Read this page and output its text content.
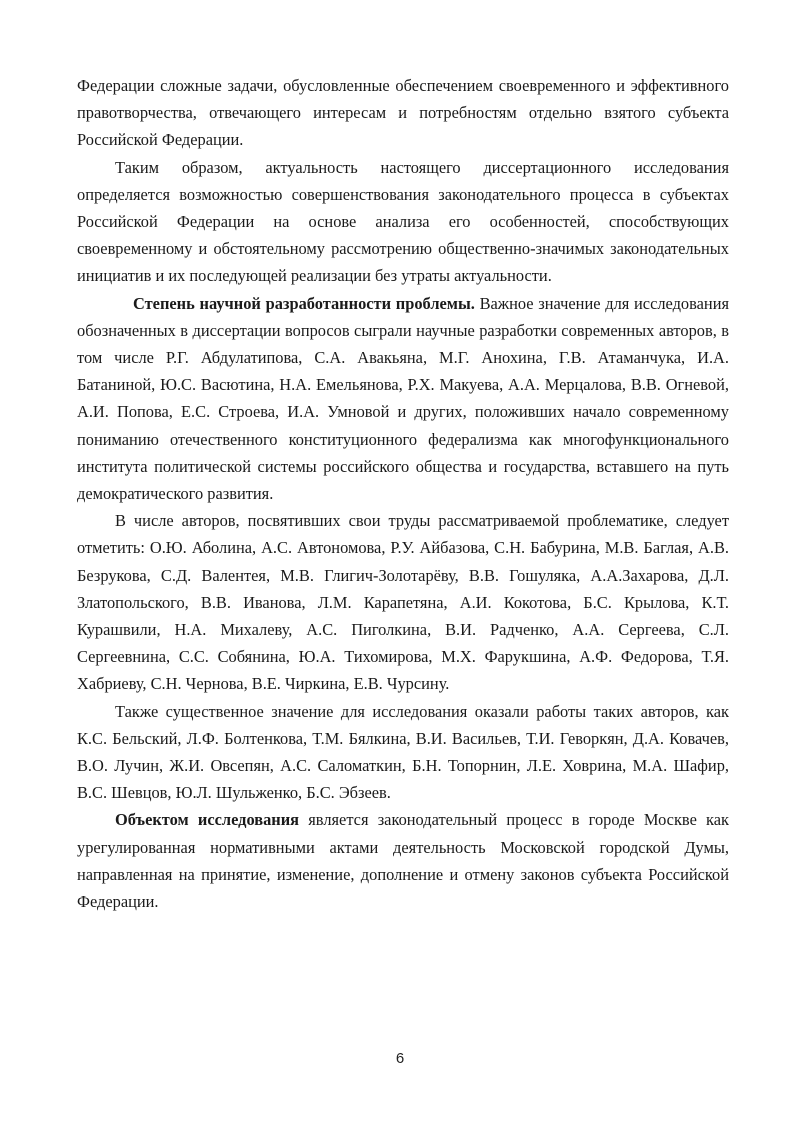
Федерации сложные задачи, обусловленные обеспечением своевременного и эффективного правотворчества, отвечающего интересам и потребностям отдельно взятого субъекта Российской Федерации.

Таким образом, актуальность настоящего диссертационного исследования определяется возможностью совершенствования законодательного процесса в субъектах Российской Федерации на основе анализа его особенностей, способствующих своевременному и обстоятельному рассмотрению общественно-значимых законодательных инициатив и их последующей реализации без утраты актуальности.

Степень научной разработанности проблемы. Важное значение для исследования обозначенных в диссертации вопросов сыграли научные разработки современных авторов, в том числе Р.Г. Абдулатипова, С.А. Авакьяна, М.Г. Анохина, Г.В. Атаманчука, И.А. Батаниной, Ю.С. Васютина, Н.А. Емельянова, Р.Х. Макуева, А.А. Мерцалова, В.В. Огневой, А.И. Попова, Е.С. Строева, И.А. Умновой и других, положивших начало современному пониманию отечественного конституционного федерализма как многофункционального института политической системы российского общества и государства, вставшего на путь демократического развития.

В числе авторов, посвятивших свои труды рассматриваемой проблематике, следует отметить: О.Ю. Аболина, А.С. Автономова, Р.У. Айбазова, С.Н. Бабурина, М.В. Баглая, А.В. Безрукова, С.Д. Валентея, М.В. Глигич-Золотарёву, В.В. Гошуляка, А.А.Захарова, Д.Л. Златопольского, В.В. Иванова, Л.М. Карапетяна, А.И. Кокотова, Б.С. Крылова, К.Т. Курашвили, Н.А. Михалеву, А.С. Пиголкина, В.И. Радченко, А.А. Сергеева, С.Л. Сергеевнина, С.С. Собянина, Ю.А. Тихомирова, М.Х. Фарукшина, А.Ф. Федорова, Т.Я. Хабриеву, С.Н. Чернова, В.Е. Чиркина, Е.В. Чурсину.

Также существенное значение для исследования оказали работы таких авторов, как К.С. Бельский, Л.Ф. Болтенкова, Т.М. Бялкина, В.И. Васильев, Т.И. Геворкян, Д.А. Ковачев, В.О. Лучин, Ж.И. Овсепян, А.С. Саломаткин, Б.Н. Топорнин, Л.Е. Ховрина, М.А. Шафир, В.С. Шевцов, Ю.Л. Шульженко, Б.С. Эбзеев.

Объектом исследования является законодательный процесс в городе Москве как урегулированная нормативными актами деятельность Московской городской Думы, направленная на принятие, изменение, дополнение и отмену законов субъекта Российской Федерации.

6
